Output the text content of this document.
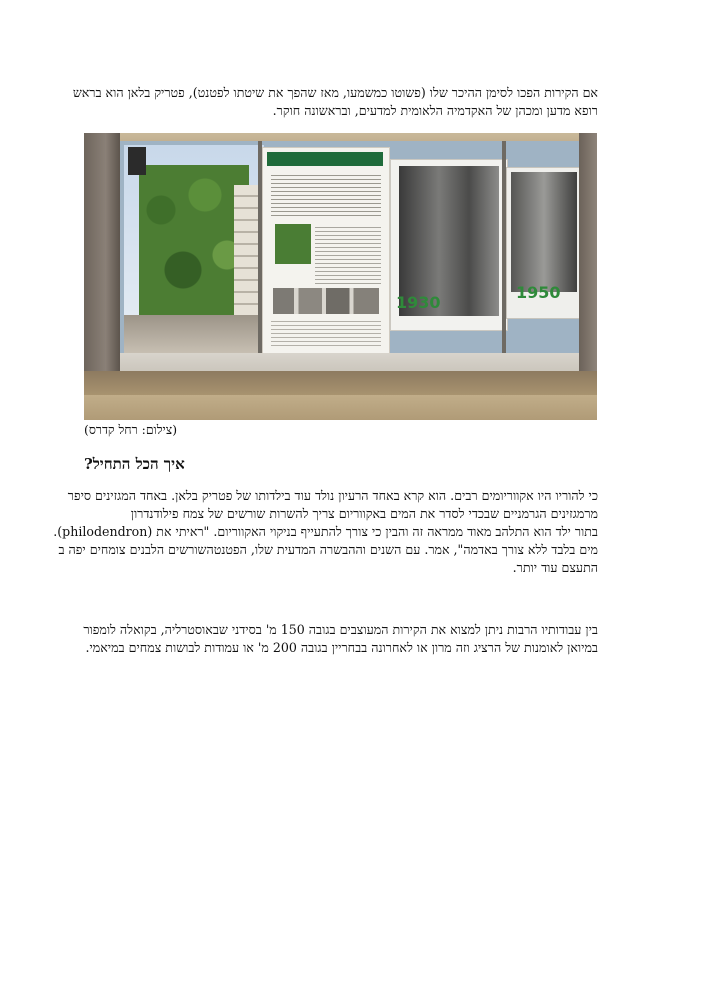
אם הקירות הפכו לסימן ההיכר שלו (פשוטו כמשמעו, מאז שהפך את שיטתו לפטנט), פטריק בלאן הוא בראש
רופא מדען ומכהן של האקדמיה הלאומית למדעים, ובראשונה חוקר.
1930
1950
(צילום: רחל קדרס)
איך הכל התחיל?
כי להוריו היו אקווריומים רבים. הוא קרא באחד הרעיון נולד עוד בילדותו של פטריק בלאן. באחד המגזינים סיפר
מרמגזינים הגרמניים שבכדי לסדר את המים באקווריום צריך להשרות שורשים של צמח פילודנדרון
בתור ילד הוא התלהב מאוד ממראה זה והבין כי צורך להתעייף בניקוי האקווריום. "ראיתי את (philodendron).
מים בלבד ללא צורך באדמה", אמר. עם השנים וההבשרה המדעית שלו, הפטנטהשורשים הלבנים צומחים יפה ב
התעצם עוד יותר.
בין עבודותיו הרבות ניתן למצוא את הקירות המעוצבים בגובה 150 מ' בסידני שבאוסטרליה, בקואלה לומפור
במיואן לאומנות של הרציג וזה מרון או לאחרונה בבחריין בגובה 200 מ' או עמודות לבושות צמחים במיאמי.
